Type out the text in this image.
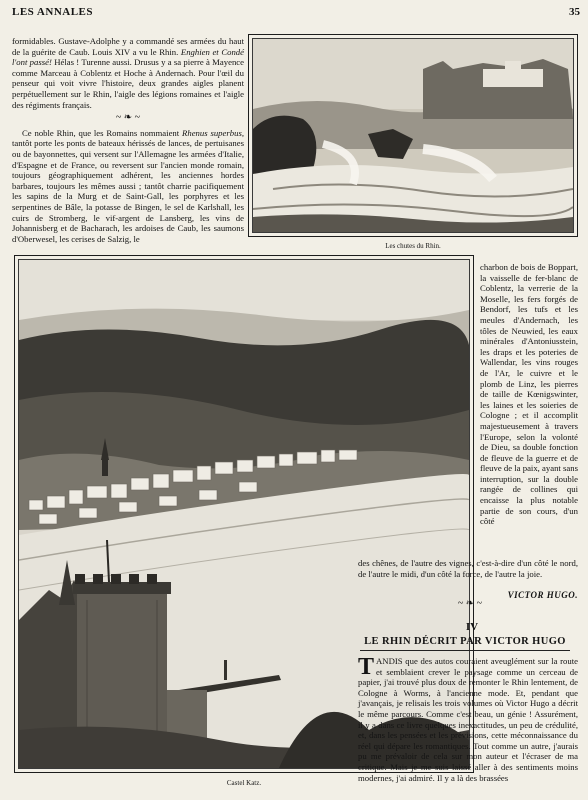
LES ANNALES	35

formidables. Gustave-Adolphe y a commandé ses armées du haut de la guérite de Caub. Louis XIV a vu le Rhin. Enghien et Condé l'ont passé! Hélas ! Turenne aussi. Drusus y a sa pierre à Mayence comme Marceau à Coblentz et Hoche à Andernach. Pour l'œil du penseur qui voit vivre l'histoire, deux grandes aigles planent perpétuellement sur le Rhin, l'aigle des légions romaines et l'aigle des régiments français.

~ ❧ ~

Ce noble Rhin, que les Romains nommaient Rhenus superbus, tantôt porte les ponts de bateaux hérissés de lances, de pertuisanes ou de bayonnettes, qui versent sur l'Allemagne les armées d'Italie, d'Espagne et de France, ou reversent sur l'ancien monde romain, toujours géographiquement adhérent, les anciennes hordes barbares, toujours les mêmes aussi ; tantôt charrie pacifiquement les sapins de la Murg et de Saint-Gall, les porphyres et les serpentines de Bâle, la potasse de Bingen, le sel de Karlshall, les cuirs de Stromberg, le vif-argent de Lansberg, les vins de Johannisberg et de Bacharach, les ardoises de Caub, les saumons d'Oberwesel, les cerises de Salzig, le

Les chutes du Rhin.
Castel Katz.

charbon de bois de Boppart, la vaisselle de fer-blanc de Coblentz, la verrerie de la Moselle, les fers forgés de Bendorf, les tufs et les meules d'Andernach, les tôles de Neuwied, les eaux minérales d'Antoniusstein, les draps et les poteries de Wallendar, les vins rouges de l'Ar, le cuivre et le plomb de Linz, les pierres de taille de Kœnigswinter, les laines et les soieries de Cologne ; et il accomplit majestueusement à travers l'Europe, selon la volonté de Dieu, sa double fonction de fleuve de la guerre et de fleuve de la paix, ayant sans interruption, sur la double rangée de collines qui encaisse la plus notable partie de son cours, d'un côté

des chênes, de l'autre des vignes, c'est-à-dire d'un côté le nord, de l'autre le midi, d'un côté la force, de l'autre la joie.

VICTOR HUGO.
~ ❧ ~
IV
LE RHIN DÉCRIT PAR VICTOR HUGO

TANDIS que des autos couraient aveuglément sur la route et semblaient crever le paysage comme un cerceau de papier, j'ai trouvé plus doux de remonter le Rhin lentement, de Cologne à Worms, à l'ancienne mode. Et, pendant que j'avançais, je relisais les trois volumes où Victor Hugo a décrit le même parcours. Comme c'est beau, un génie ! Assurément, il y a dans ce livre quelques inexactitudes, un peu de crédulité, et, dans les pensées et les prévisions, cette méconnaissance du réel qui dépare les romantiques. Tout comme un autre, j'aurais pu me prévaloir de cela sur mon auteur et l'écraser de ma critique. Mais je me suis laissé aller à des sentiments moins modernes, j'ai admiré. Il y a là des brassées
